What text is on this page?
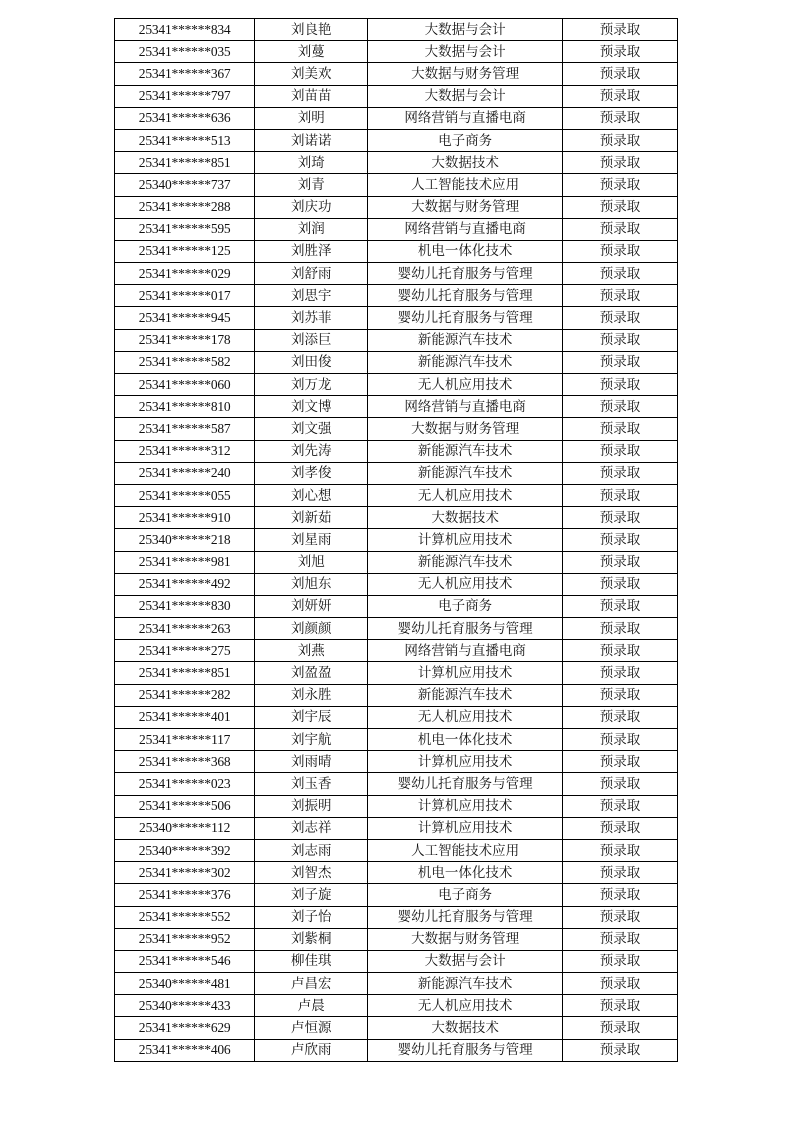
25341******834	刘良艳	大数据与会计	预录取
25341******035	刘蔓	大数据与会计	预录取
25341******367	刘美欢	大数据与财务管理	预录取
25341******797	刘苗苗	大数据与会计	预录取
25341******636	刘明	网络营销与直播电商	预录取
25341******513	刘诺诺	电子商务	预录取
25341******851	刘琦	大数据技术	预录取
25340******737	刘青	人工智能技术应用	预录取
25341******288	刘庆功	大数据与财务管理	预录取
25341******595	刘润	网络营销与直播电商	预录取
25341******125	刘胜泽	机电一体化技术	预录取
25341******029	刘舒雨	婴幼儿托育服务与管理	预录取
25341******017	刘思宇	婴幼儿托育服务与管理	预录取
25341******945	刘苏菲	婴幼儿托育服务与管理	预录取
25341******178	刘添巨	新能源汽车技术	预录取
25341******582	刘田俊	新能源汽车技术	预录取
25341******060	刘万龙	无人机应用技术	预录取
25341******810	刘文博	网络营销与直播电商	预录取
25341******587	刘文强	大数据与财务管理	预录取
25341******312	刘先涛	新能源汽车技术	预录取
25341******240	刘孝俊	新能源汽车技术	预录取
25341******055	刘心想	无人机应用技术	预录取
25341******910	刘新茹	大数据技术	预录取
25340******218	刘星雨	计算机应用技术	预录取
25341******981	刘旭	新能源汽车技术	预录取
25341******492	刘旭东	无人机应用技术	预录取
25341******830	刘妍妍	电子商务	预录取
25341******263	刘颜颜	婴幼儿托育服务与管理	预录取
25341******275	刘燕	网络营销与直播电商	预录取
25341******851	刘盈盈	计算机应用技术	预录取
25341******282	刘永胜	新能源汽车技术	预录取
25341******401	刘宇辰	无人机应用技术	预录取
25341******117	刘宇航	机电一体化技术	预录取
25341******368	刘雨晴	计算机应用技术	预录取
25341******023	刘玉香	婴幼儿托育服务与管理	预录取
25341******506	刘振明	计算机应用技术	预录取
25340******112	刘志祥	计算机应用技术	预录取
25340******392	刘志雨	人工智能技术应用	预录取
25341******302	刘智杰	机电一体化技术	预录取
25341******376	刘子旋	电子商务	预录取
25341******552	刘子怡	婴幼儿托育服务与管理	预录取
25341******952	刘紫桐	大数据与财务管理	预录取
25341******546	柳佳琪	大数据与会计	预录取
25340******481	卢昌宏	新能源汽车技术	预录取
25340******433	卢晨	无人机应用技术	预录取
25341******629	卢恒源	大数据技术	预录取
25341******406	卢欣雨	婴幼儿托育服务与管理	预录取
